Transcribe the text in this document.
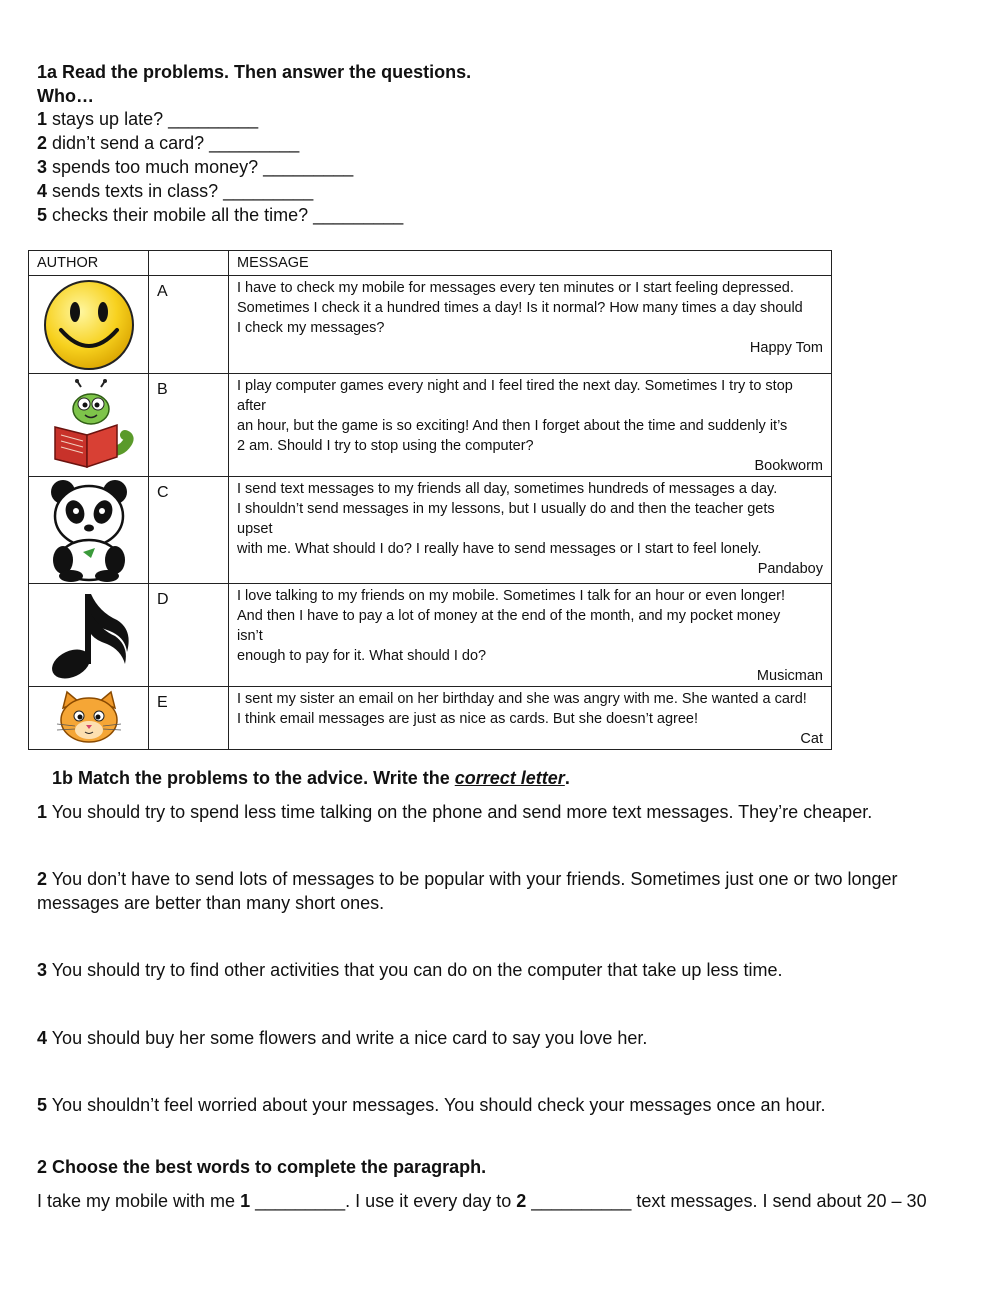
1a Read the problems. Then answer the questions.
Who…
1 stays up late? _________
2 didn’t send a card? _________
3 spends too much money? _________
4 sends texts in class? _________
5 checks their mobile all the time? _________
AUTHOR		MESSAGE

	A	I have to check my mobile for messages every ten minutes or I start feeling depressed.
Sometimes I check it a hundred times a day! Is it normal? How many times a day should
I check my messages?
Happy Tom

	B	I play computer games every night and I feel tired the next day. Sometimes I try to stop
after
an hour, but the game is so exciting! And then I forget about the time and suddenly it’s
2 am. Should I try to stop using the computer?
Bookworm

	C	I send text messages to my friends all day, sometimes hundreds of messages a day.
I shouldn’t send messages in my lessons, but I usually do and then the teacher gets
upset
with me. What should I do? I really have to send messages or I start to feel lonely.
Pandaboy

	D	I love talking to my friends on my mobile. Sometimes I talk for an hour or even longer!
And then I have to pay a lot of money at the end of the month, and my pocket money
isn’t
enough to pay for it. What should I do?
Musicman

	E	I sent my sister an email on her birthday and she was angry with me. She wanted a card!
I think email messages are just as nice as cards. But she doesn’t agree!
Cat
1b Match the problems to the advice. Write the correct letter.
1 You should try to spend less time talking on the phone and send more text messages. They’re cheaper.
2 You don’t have to send lots of messages to be popular with your friends. Sometimes just one or two longer messages are better than many short ones.
3 You should try to find other activities that you can do on the computer that take up less time.
4 You should buy her some flowers and write a nice card to say you love her.
5 You shouldn’t feel worried about your messages. You should check your messages once an hour.
2 Choose the best words to complete the paragraph.
I take my mobile with me 1 _________. I use it every day to 2 __________ text messages. I send about 20 – 30
